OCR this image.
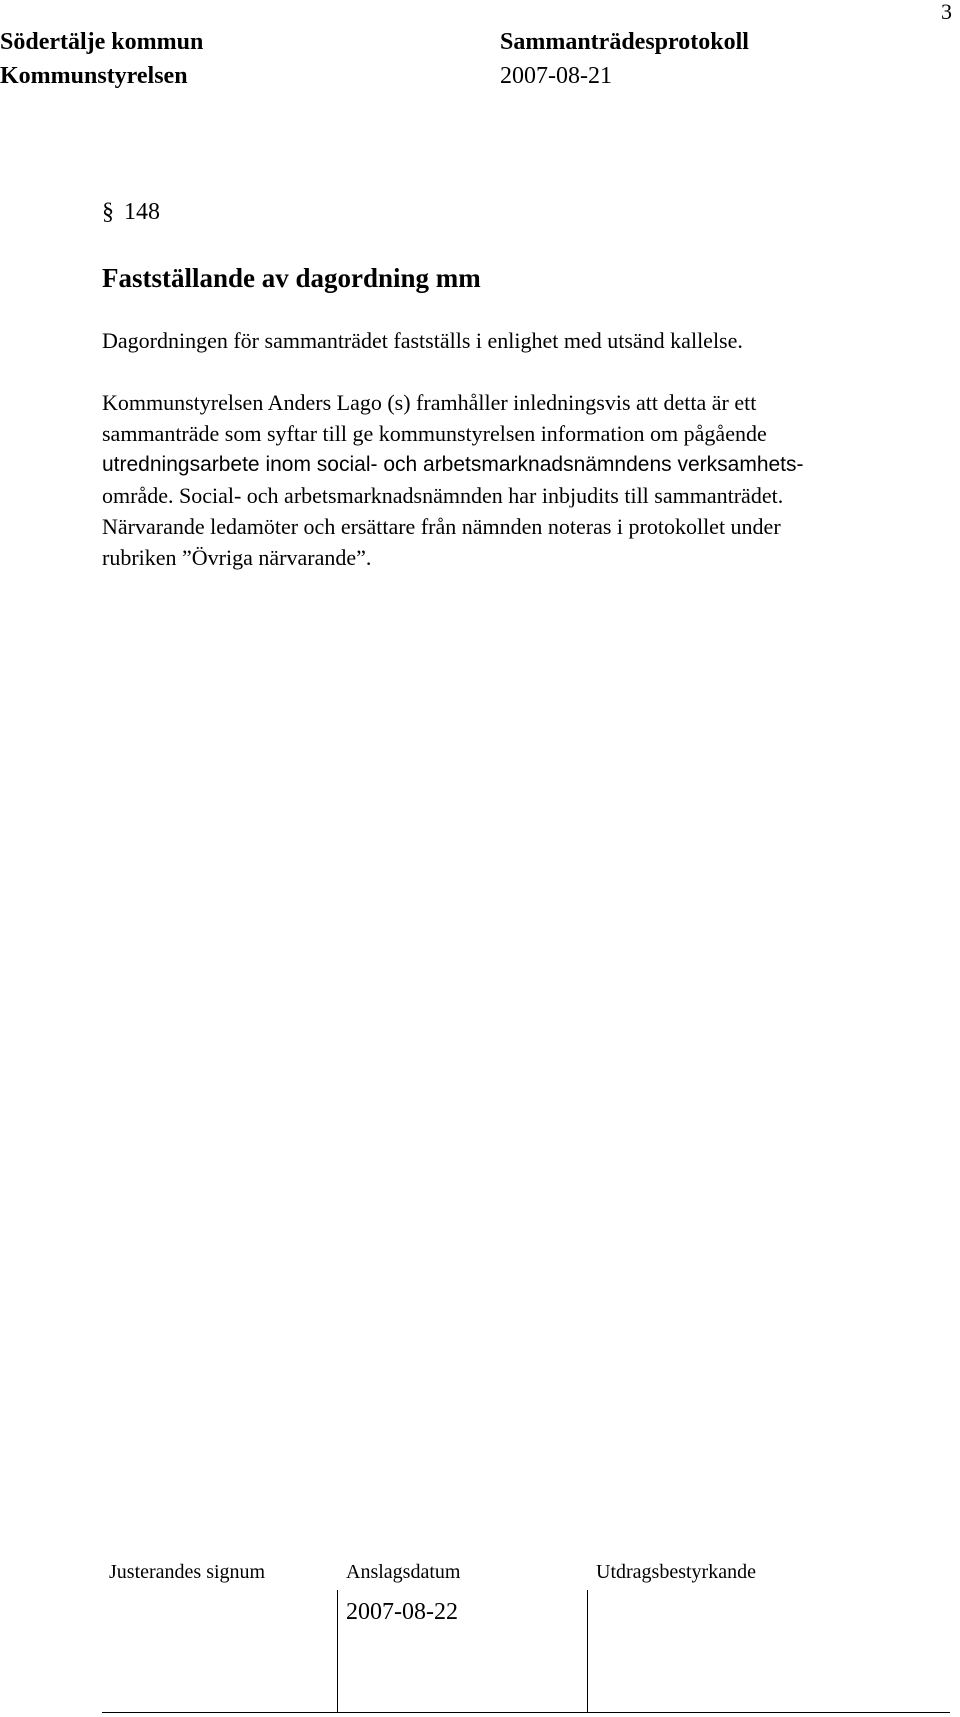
3
Södertälje kommun
Kommunstyrelsen
Sammanträdesprotokoll
2007-08-21
§ 148
Fastställande av dagordning mm

Dagordningen för sammanträdet fastställs i enlighet med utsänd kallelse.

Kommunstyrelsen Anders Lago (s) framhåller inledningsvis att detta är ett
sammanträde som syftar till ge kommunstyrelsen information om pågående
utredningsarbete inom social- och arbetsmarknadsnämndens verksamhets-
område. Social- och arbetsmarknadsnämnden har inbjudits till sammanträdet.
Närvarande ledamöter och ersättare från nämnden noteras i protokollet under
rubriken ”Övriga närvarande”.
Justerandes signum	Anslagsdatum	Utdragsbestyrkande
2007-08-22
